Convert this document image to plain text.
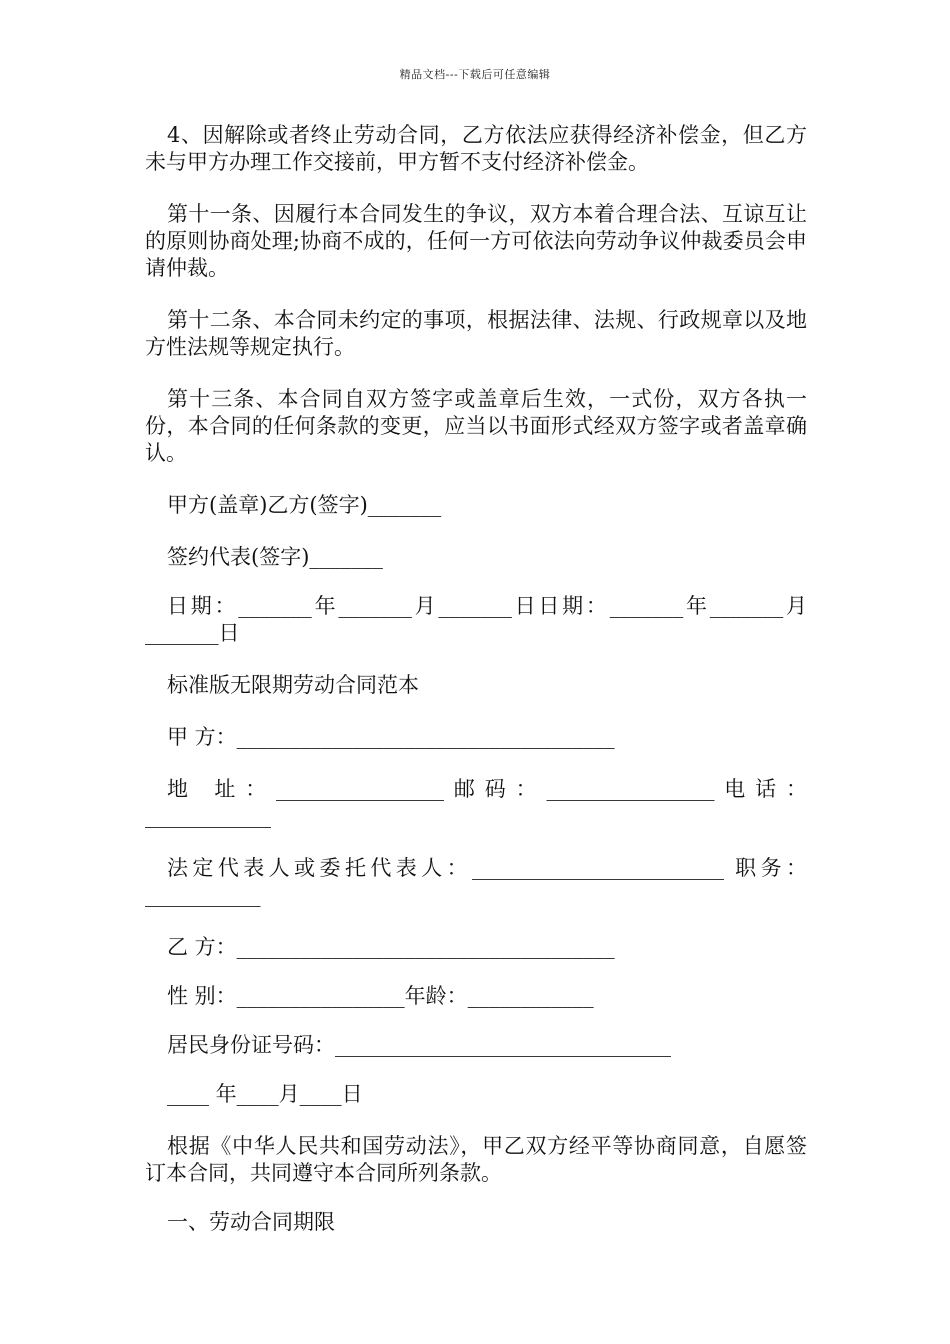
精品文档---下载后可任意编辑

4、因解除或者终止劳动合同，乙方依法应获得经济补偿金，但乙方未与甲方办理工作交接前，甲方暂不支付经济补偿金。

第十一条、因履行本合同发生的争议，双方本着合理合法、互谅互让的原则协商处理;协商不成的，任何一方可依法向劳动争议仲裁委员会申请仲裁。

第十二条、本合同未约定的事项，根据法律、法规、行政规章以及地方性法规等规定执行。

第十三条、本合同自双方签字或盖章后生效，一式份，双方各执一份，本合同的任何条款的变更，应当以书面形式经双方签字或者盖章确认。

甲方(盖章)乙方(签字)_______

签约代表(签字)_______

日期：_______年_______月_______日日期：_______年_______月_______日

标准版无限期劳动合同范本

甲 方：____________________________________

地 址：________________邮码：________________电话：____________

法定代表人或委托代表人：________________________ 职务：___________

乙 方：____________________________________

性 别：________________年龄：____________

居民身份证号码：________________________________

____ 年____月____日

根据《中华人民共和国劳动法》，甲乙双方经平等协商同意，自愿签订本合同，共同遵守本合同所列条款。

一、劳动合同期限
